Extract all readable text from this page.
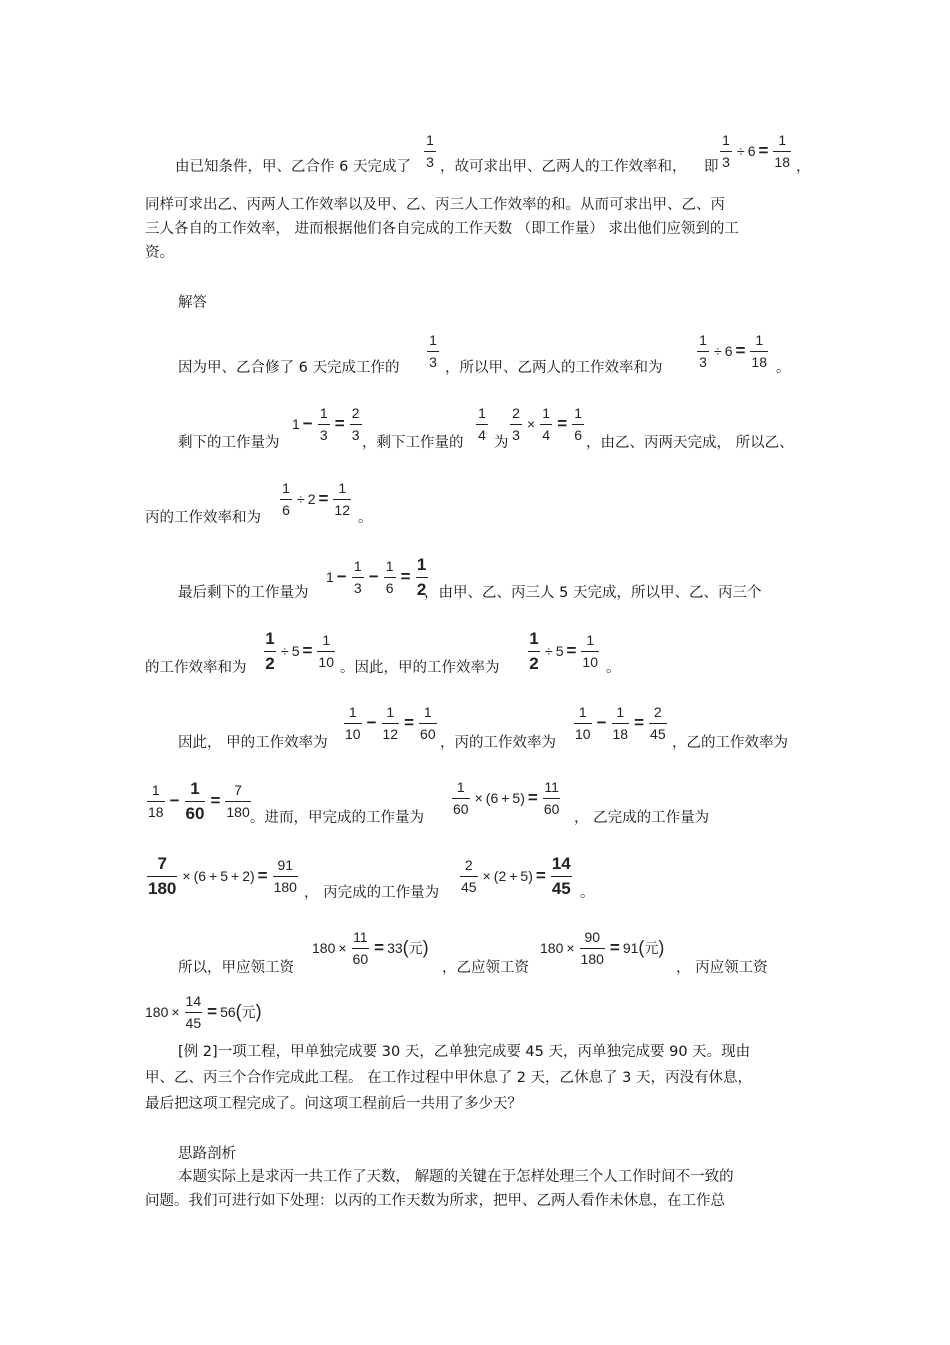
由已知条件，甲、乙合作 6 天完成了 $\frac{1}{3}$ ，故可求出甲、乙两人的工作效率和， 即 $\frac{1}{3} \div 6 = \frac{1}{18}$ ，
同样可求出乙、丙两人工作效率以及甲、乙、丙三人工作效率的和。从而可求出甲、乙、丙
三人各自的工作效率， 进而根据他们各自完成的工作天数 （即工作量） 求出他们应领到的工
资。
解答
因为甲、乙合修了 6 天完成工作的 $\frac{1}{3}$ ，所以甲、乙两人的工作效率和为 $\frac{1}{3} \div 6 = \frac{1}{18}$ 。
剩下的工作量为
$1 - \frac{1}{3} = \frac{2}{3}$
，剩下工作量的
$\frac{1}{4}$
为
$\frac{2}{3} \times \frac{1}{4} = \frac{1}{6}$
，由乙、丙两天完成， 所以乙、
丙的工作效率和为
$\frac{1}{6} \div 2 = \frac{1}{12}$
。
最后剩下的工作量为
$1 - \frac{1}{3} - \frac{1}{6} = \frac{1}{2}$
，由甲、乙、丙三人 5 天完成，所以甲、乙、丙三个
的工作效率和为 $\frac{1}{2} \div 5 = \frac{1}{10}$ 。因此，甲的工作效率为 $\frac{1}{2} \div 5 = \frac{1}{10}$ 。
因此， 甲的工作效率为
$\frac{1}{10} - \frac{1}{12} = \frac{1}{60}$
，丙的工作效率为
$\frac{1}{10} - \frac{1}{18} = \frac{2}{45}$
，乙的工作效率为
$\frac{1}{18} - \frac{1}{60} = \frac{7}{180}$ 。进而，甲完成的工作量为
$\frac{1}{60} \times (6 + 5) = \frac{11}{60}$
， 乙完成的工作量为
$\frac{7}{180} \times (6 + 5 + 2) = \frac{91}{180}$ ， 丙完成的工作量为 $\frac{2}{45} \times (2 + 5) = \frac{14}{45}$ 。
所以，甲应领工资
$180 \times \frac{11}{60} = 33$(元)
，乙应领工资
$180 \times \frac{90}{180} = 91$(元)
， 丙应领工资
$180 \times \frac{14}{45} = 56$(元)
[例 2]一项工程，甲单独完成要 30 天，乙单独完成要 45 天，丙单独完成要 90 天。现由
甲、乙、丙三个合作完成此工程。 在工作过程中甲休息了 2 天，乙休息了 3 天，丙没有休息，
最后把这项工程完成了。问这项工程前后一共用了多少天？
思路剖析
本题实际上是求丙一共工作了天数， 解题的关键在于怎样处理三个人工作时间不一致的
问题。我们可进行如下处理：以丙的工作天数为所求，把甲、乙两人看作未休息，在工作总
